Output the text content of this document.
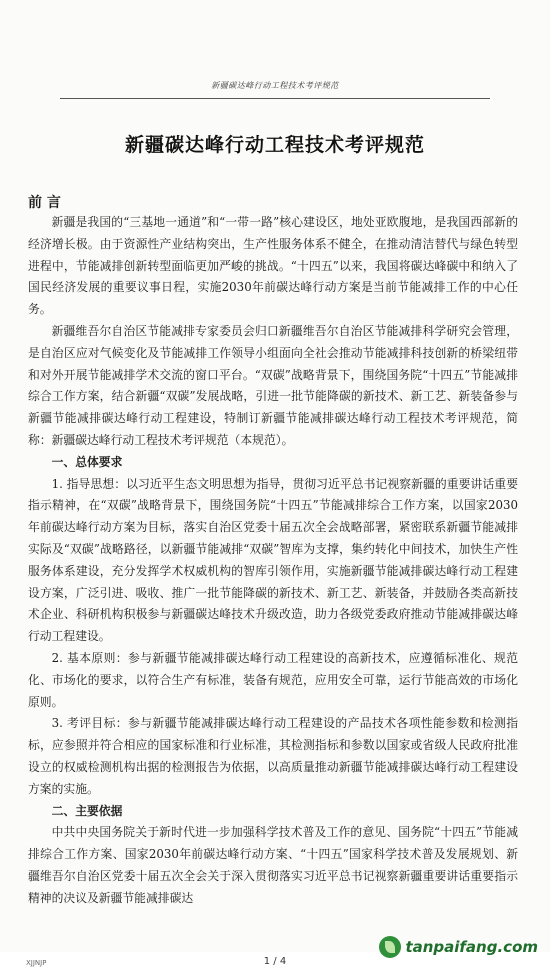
新疆碳达峰行动工程技术考评规范
新疆碳达峰行动工程技术考评规范
前 言

新疆是我国的“三基地一通道”和“一带一路”核心建设区，地处亚欧腹地，是我国西部新的经济增长极。由于资源性产业结构突出，生产性服务体系不健全，在推动清洁替代与绿色转型进程中，节能减排创新转型面临更加严峻的挑战。“十四五”以来，我国将碳达峰碳中和纳入了国民经济发展的重要议事日程，实施2030年前碳达峰行动方案是当前节能减排工作的中心任务。

新疆维吾尔自治区节能减排专家委员会归口新疆维吾尔自治区节能减排科学研究会管理，是自治区应对气候变化及节能减排工作领导小组面向全社会推动节能减排科技创新的桥梁纽带和对外开展节能减排学术交流的窗口平台。“双碳”战略背景下，围绕国务院“十四五”节能减排综合工作方案，结合新疆“双碳”发展战略，引进一批节能降碳的新技术、新工艺、新装备参与新疆节能减排碳达峰行动工程建设，特制订新疆节能减排碳达峰行动工程技术考评规范，简称：新疆碳达峰行动工程技术考评规范（本规范）。

一、总体要求

1. 指导思想：以习近平生态文明思想为指导，贯彻习近平总书记视察新疆的重要讲话重要指示精神，在“双碳”战略背景下，围绕国务院“十四五”节能减排综合工作方案，以国家2030年前碳达峰行动方案为目标，落实自治区党委十届五次全会战略部署，紧密联系新疆节能减排实际及“双碳”战略路径，以新疆节能减排“双碳”智库为支撑，集约转化中间技术，加快生产性服务体系建设，充分发挥学术权威机构的智库引领作用，实施新疆节能减排碳达峰行动工程建设方案，广泛引进、吸收、推广一批节能降碳的新技术、新工艺、新装备，并鼓励各类高新技术企业、科研机构积极参与新疆碳达峰技术升级改造，助力各级党委政府推动节能减排碳达峰行动工程建设。

2. 基本原则：参与新疆节能减排碳达峰行动工程建设的高新技术，应遵循标准化、规范化、市场化的要求，以符合生产有标准，装备有规范，应用安全可靠，运行节能高效的市场化原则。

3. 考评目标：参与新疆节能减排碳达峰行动工程建设的产品技术各项性能参数和检测指标，应参照并符合相应的国家标准和行业标准，其检测指标和参数以国家或省级人民政府批准设立的权威检测机构出据的检测报告为依据，以高质量推动新疆节能减排碳达峰行动工程建设方案的实施。

二、主要依据

中共中央国务院关于新时代进一步加强科学技术普及工作的意见、国务院“十四五”节能减排综合工作方案、国家2030年前碳达峰行动方案、“十四五”国家科学技术普及发展规划、新疆维吾尔自治区党委十届五次全会关于深入贯彻落实习近平总书记视察新疆重要讲话重要指示精神的决议及新疆节能减排碳达

XJJNJP	1 / 4
tanpaifang.com
